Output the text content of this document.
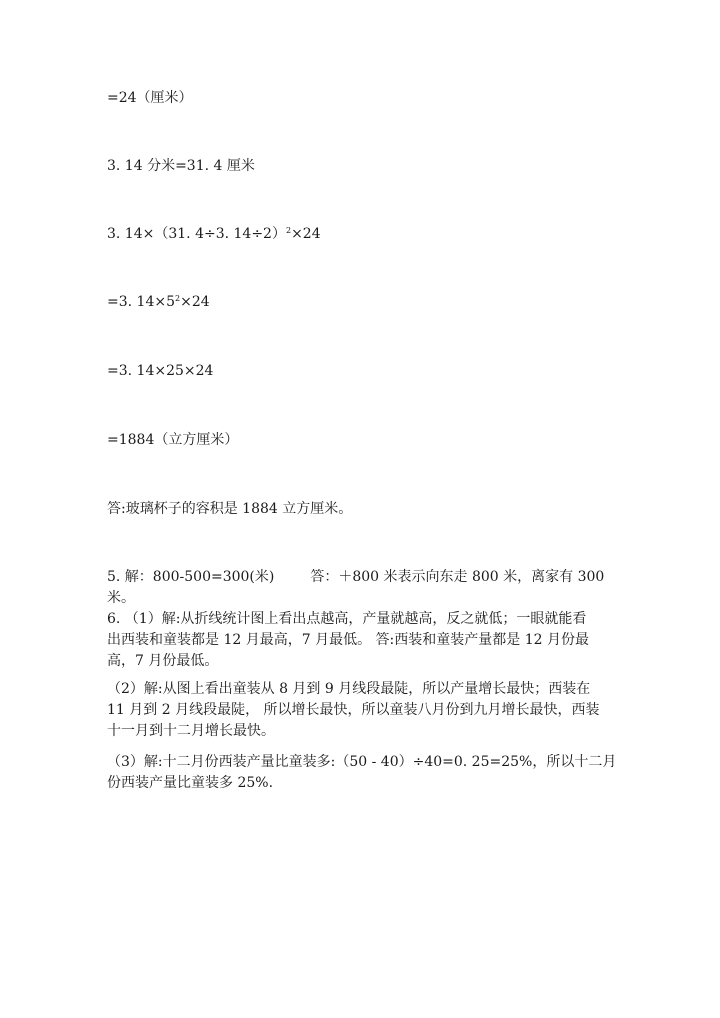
=24（厘米）
3. 14 分米=31. 4 厘米
3. 14×（31. 4÷3. 14÷2）$^2$×24
=3. $14\times 5^2\times 24$
=3. 14×25×24
=1884（立方厘米）
答:玻璃杯子的容积是 1884 立方厘米。

5. 解：800-500=300(米)	答：＋800 米表示向东走 800 米，离家有 300

米。

6. （1）解:从折线统计图上看出点越高，产量就越高，反之就低；一眼就能看

出西装和童装都是 12 月最高，7 月最低。 答:西装和童装产量都是 12 月份最

高，7 月份最低。

（2）解:从图上看出童装从 8 月到 9 月线段最陡，所以产量增长最快；西装在

11 月到 2 月线段最陡， 所以增长最快，所以童装八月份到九月增长最快，西装

十一月到十二月增长最快。

（3）解:十二月份西装产量比童装多:（50 - 40）÷40=0. 25=25%，所以十二月

份西装产量比童装多 25%.
